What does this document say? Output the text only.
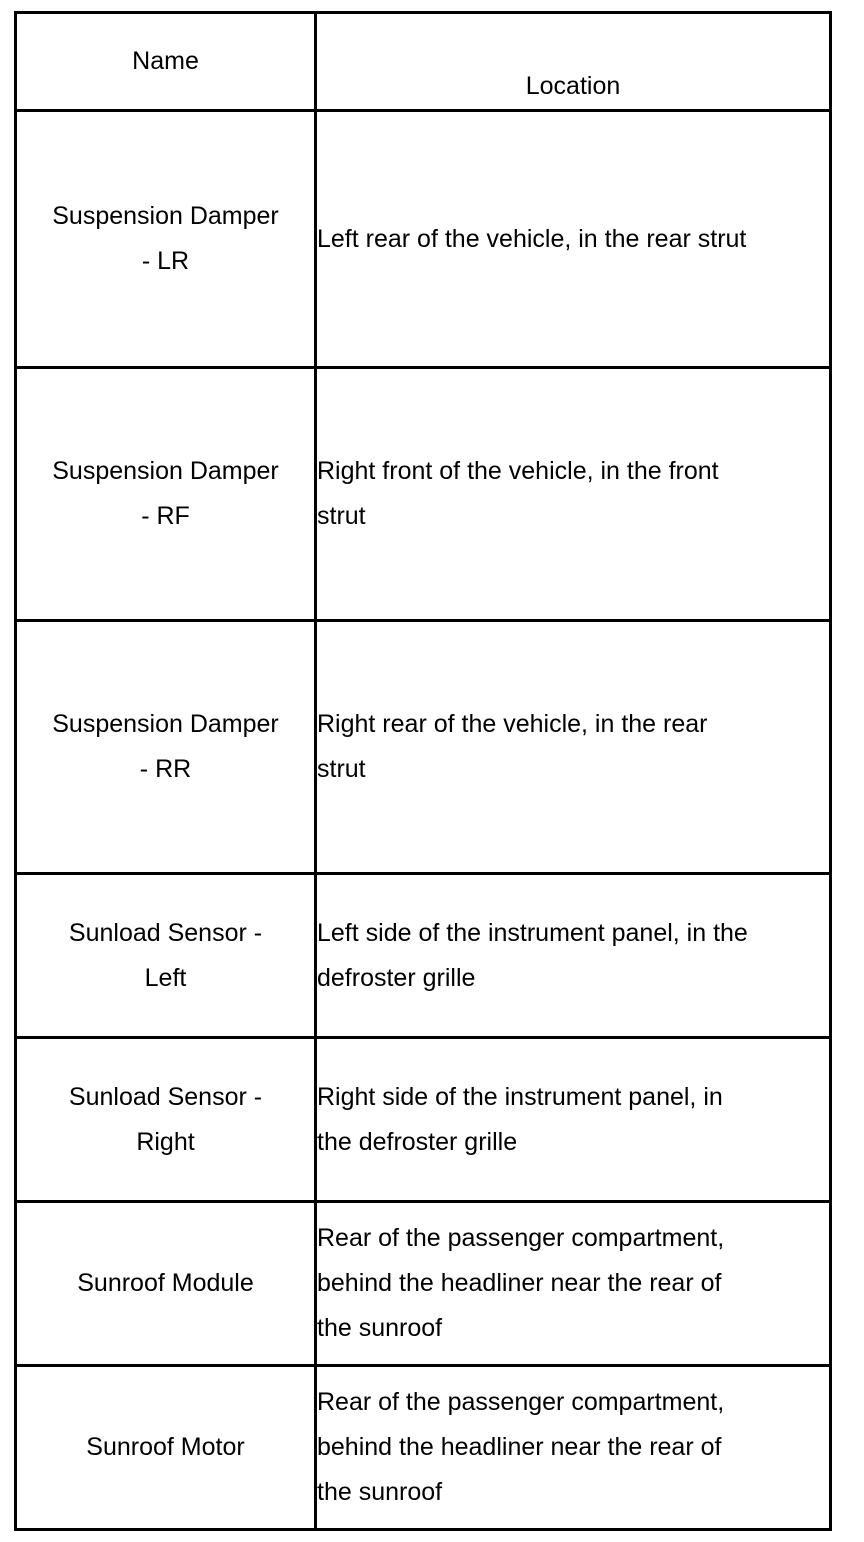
Name	Location
Suspension Damper - LR	Left rear of the vehicle, in the rear strut

Suspension Damper - RF	Right front of the vehicle, in the front strut

Suspension Damper - RR	Right rear of the vehicle, in the rear strut

Sunload Sensor - Left	Left side of the instrument panel, in the defroster grille

Sunload Sensor - Right	Right side of the instrument panel, in the defroster grille

Sunroof Module	Rear of the passenger compartment, behind the headliner near the rear of the sunroof

Sunroof Motor	Rear of the passenger compartment, behind the headliner near the rear of the sunroof
